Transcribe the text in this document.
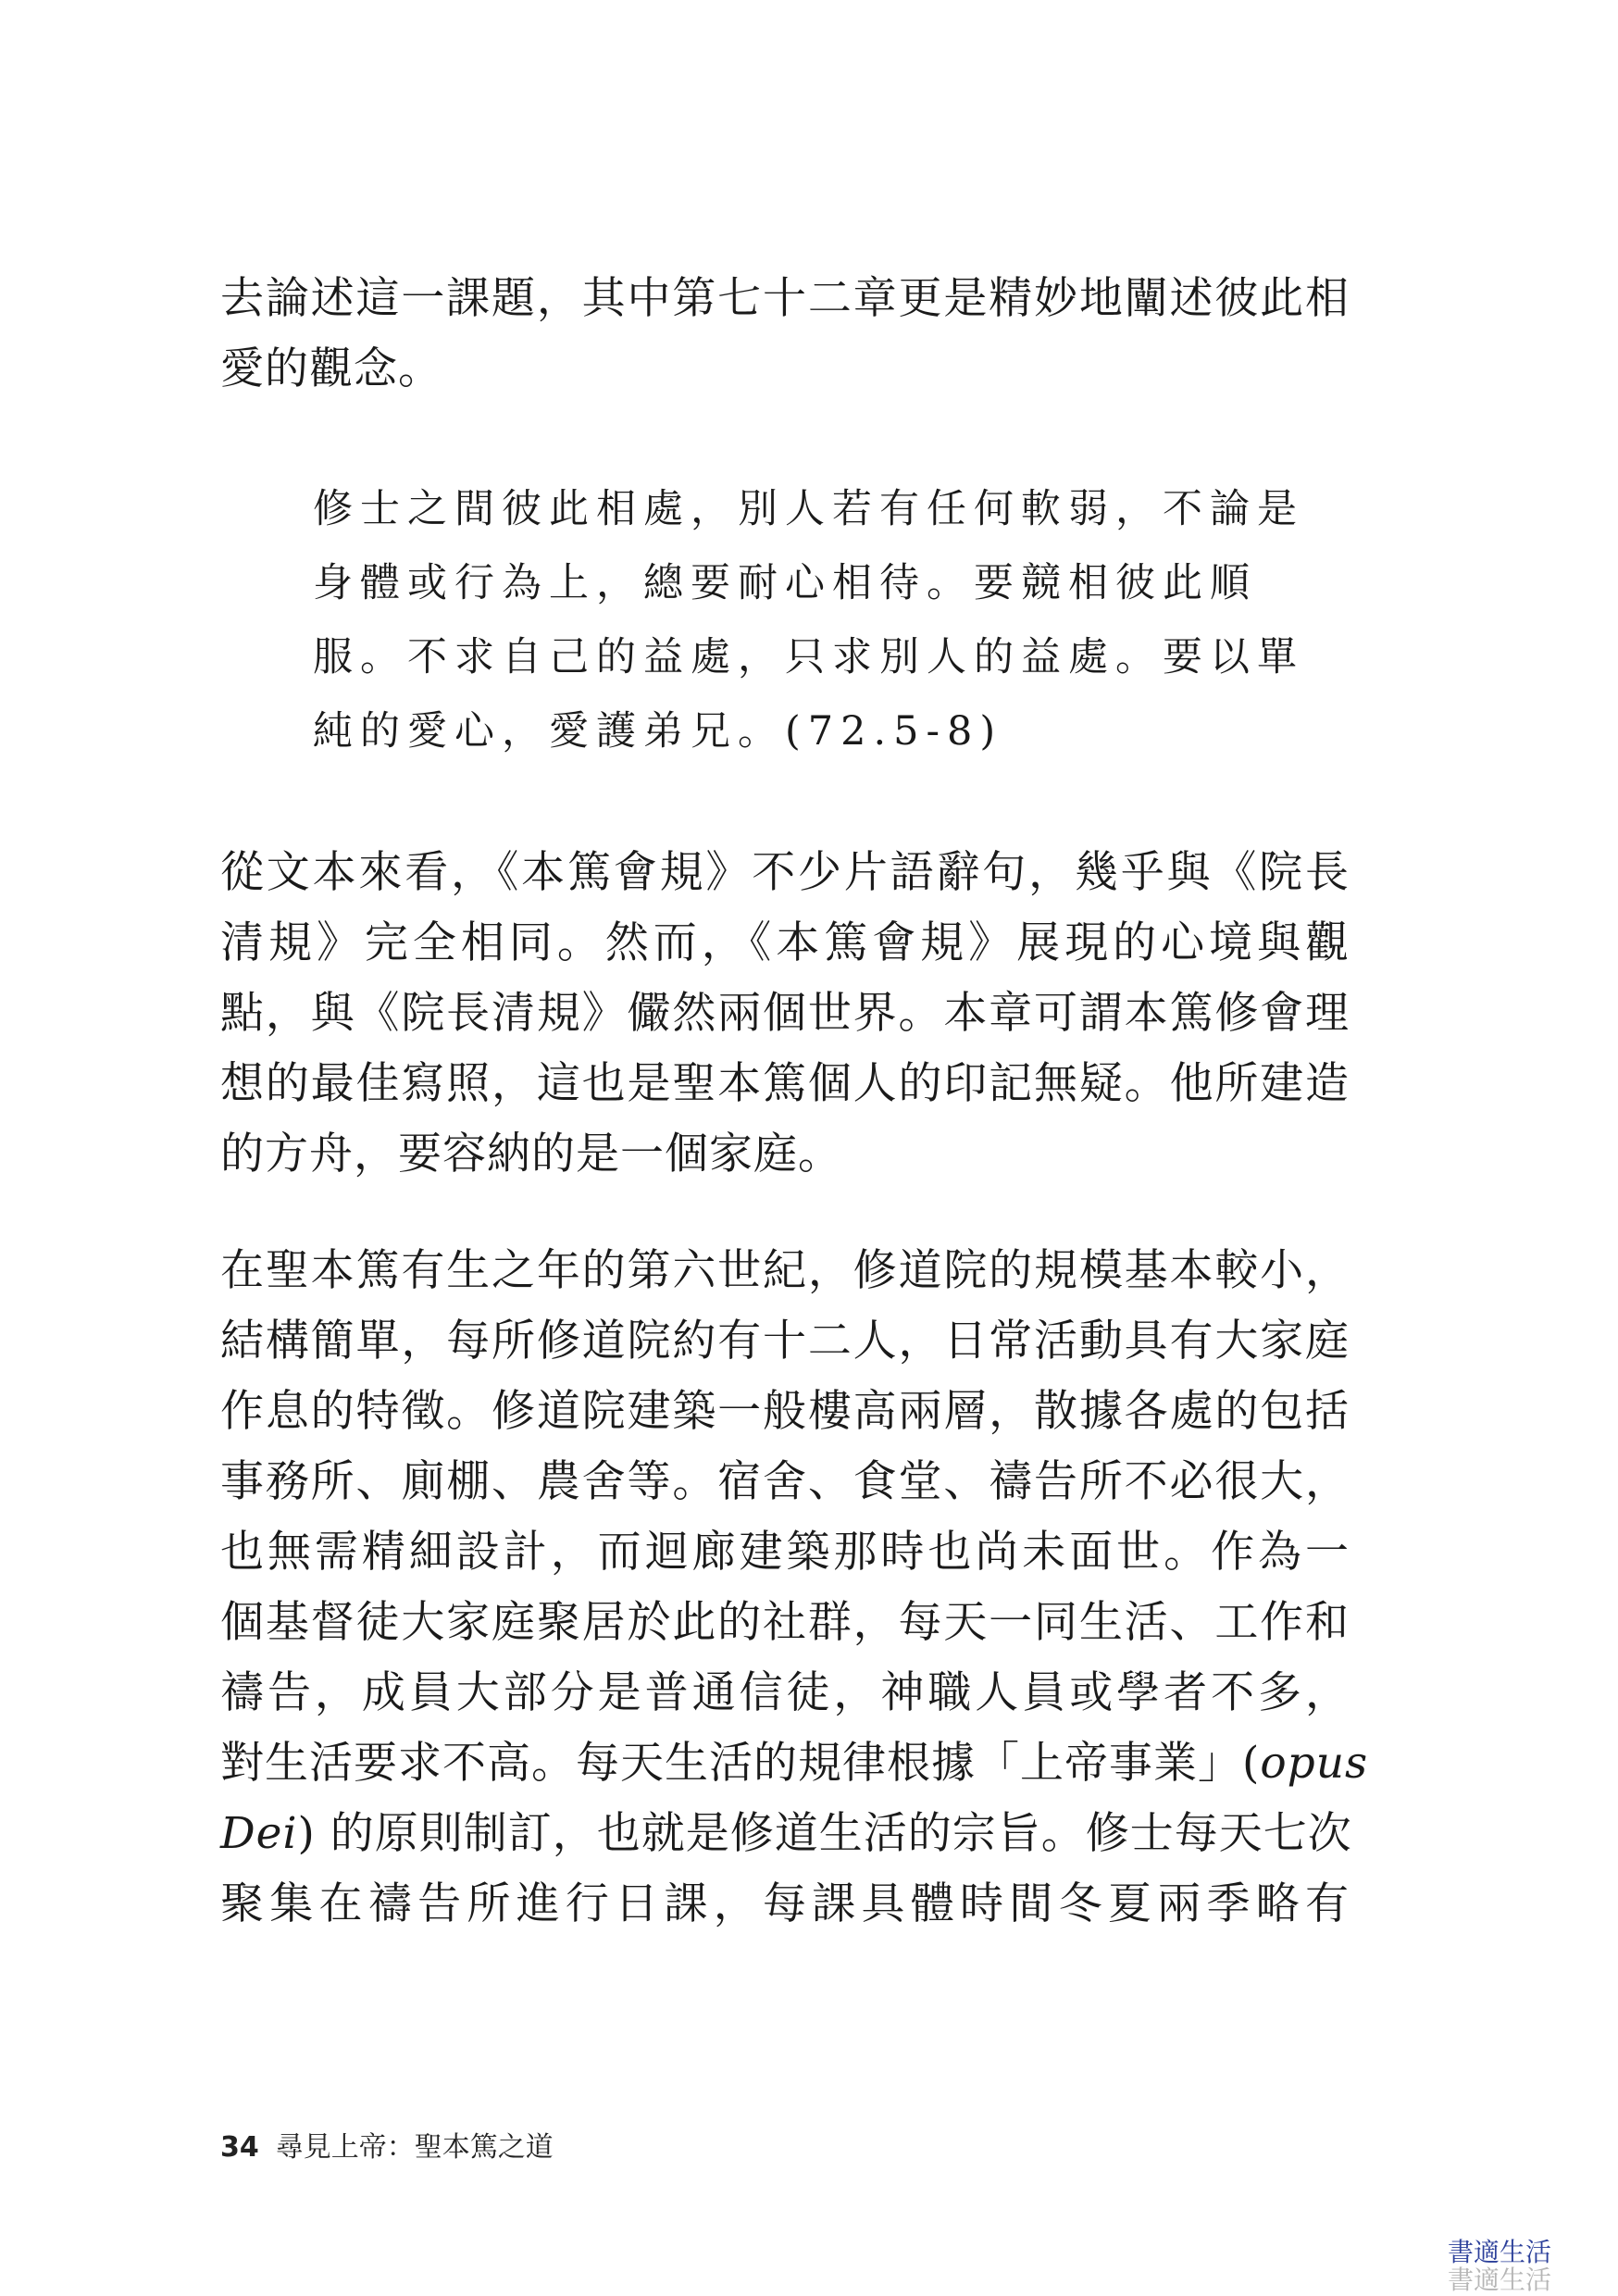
去論述這一課題，其中第七十二章更是精妙地闡述彼此相
愛的觀念。
修士之間彼此相處，別人若有任何軟弱，不論是
身體或行為上，總要耐心相待。要競相彼此順
服。不求自己的益處，只求別人的益處。要以單
純的愛心，愛護弟兄。(72.5-8)
從文本來看，《本篤會規》不少片語辭句，幾乎與《院長
清規》完全相同。然而，《本篤會規》展現的心境與觀
點，與《院長清規》儼然兩個世界。本章可謂本篤修會理
想的最佳寫照，這也是聖本篤個人的印記無疑。他所建造
的方舟，要容納的是一個家庭。
在聖本篤有生之年的第六世紀，修道院的規模基本較小，
結構簡單，每所修道院約有十二人，日常活動具有大家庭
作息的特徵。修道院建築一般樓高兩層，散據各處的包括
事務所、廁棚、農舍等。宿舍、食堂、禱告所不必很大，
也無需精細設計，而迴廊建築那時也尚未面世。作為一
個基督徒大家庭聚居於此的社群，每天一同生活、工作和
禱告，成員大部分是普通信徒，神職人員或學者不多，
對生活要求不高。每天生活的規律根據「上帝事業」(opus
Dei) 的原則制訂，也就是修道生活的宗旨。修士每天七次
聚集在禱告所進行日課，每課具體時間冬夏兩季略有
34 尋見上帝：聖本篤之道
書適生活
書適生活
